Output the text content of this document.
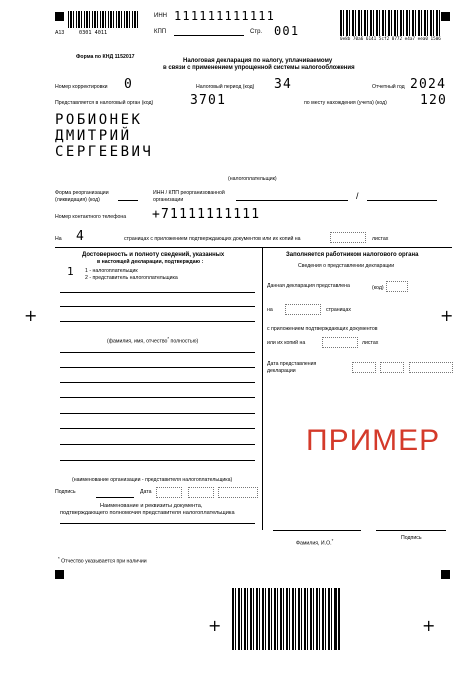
+	+
+	+
A13	0301 4011
ИНН 111111111111
КПП	Стр. 001
0e8b 70a6 6141 5cf2 0772 e4a7 eea0 1506
Форма по КНД 1152017
Налоговая декларация по налогу, уплачиваемому
в связи с применением упрощенной системы налогообложения
Номер корректировки 0	Налоговый период (код) 34	Отчетный год 2024
Представляется в налоговый орган (код)	3701	по месту нахождения (учета) (код)	120
РОБИОНЕК
ДМИТРИЙ
СЕРГЕЕВИЧ
(налогоплательщик)
Форма реорганизации
(ликвидация) (код)
ИНН / КПП реорганизованной
организации	/
Номер контактного телефона +71111111111
На 4	страницах с приложением подтверждающих документов или их копий на	листах
Достоверность и полноту сведений, указанных
в настоящей декларации, подтверждаю :
1 1 - налогоплательщик
2 - представитель налогоплательщика
(фамилия, имя, отчество* полностью)
(наименование организации - представителя налогоплательщика)
Подпись	Дата
Наименование и реквизиты документа,
подтверждающего полномочия представителя налогоплательщика
Заполняется работником налогового органа
Сведения о представлении декларации
Данная декларация представлена	(код)
на	страницах
с приложением подтверждающих документов
или их копий на	листах
Дата представления
декларации
ПРИМЕР
Фамилия, И.О.*	Подпись
* Отчество указывается при наличии
